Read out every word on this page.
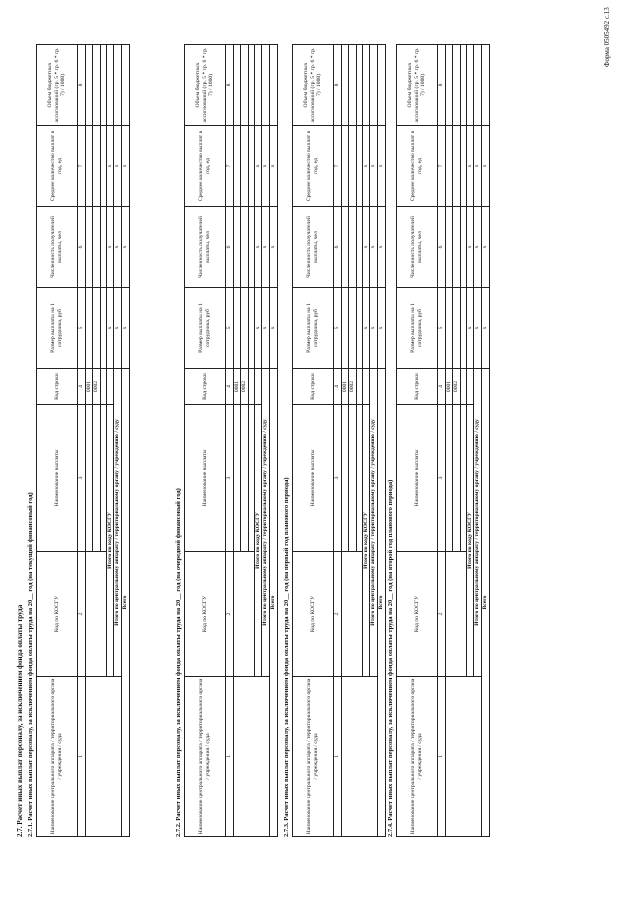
Форма 0505492 с.13
2.7. Расчет иных выплат персоналу, за исключением фонда оплаты труда 2.7.1. Расчет иных выплат персоналу, за исключением фонда оплаты труда на 20__ год (на текущий финансовый год)	Наименование центрального аппарата / территориального органа / учреждения / суда	Код по КОСГУ	Наименование выплаты	Код строки	Размер выплаты на 1 сотрудника, руб	Численность получателей выплаты, чел	Среднее количество выплат в год, ед	Объем бюджетных ассигнований (гр. 5 * гр. 6 * гр. 7) / 1000)
1	2	3	4	5	6	7	8
			0001				
			0002				

	Итого по коду КОСГУ			x	x	x	
	Итого по центральному аппарату / территориальному органу / учреждению / суду			x	x	x	
Всего				x	x	x	
2.7.2. Расчет иных выплат персоналу, за исключением фонда оплаты труда на 20__ год (на очередной финансовый год)	Наименование центрального аппарата / территориального органа / учреждения / суда	Код по КОСГУ	Наименование выплаты	Код строки	Размер выплаты на 1 сотрудника, руб	Численность получателей выплаты, чел	Среднее количество выплат в год, ед	Объем бюджетных ассигнований (гр. 5 * гр. 6 * гр. 7) / 1000)
1	2	3	4	5	6	7	8
			0001				
			0002				

	Итого по коду КОСГУ			x	x	x	
	Итого по центральному аппарату / территориальному органу / учреждению / суду			x	x	x	
Всего				x	x	x	
2.7.3. Расчет иных выплат персоналу, за исключением фонда оплаты труда на 20__ год (на первый год планового периода)	Наименование центрального аппарата / территориального органа / учреждения / суда	Код по КОСГУ	Наименование выплаты	Код строки	Размер выплаты на 1 сотрудника, руб	Численность получателей выплаты, чел	Среднее количество выплат в год, ед	Объем бюджетных ассигнований (гр. 5 * гр. 6 * гр. 7) / 1000)
1	2	3	4	5	6	7	8
			0001				
			0002				

	Итого по коду КОСГУ			x	x	x	
	Итого по центральному аппарату / территориальному органу / учреждению / суду			x	x	x	
Всего				x	x	x	
2.7.4. Расчет иных выплат персоналу, за исключением фонда оплаты труда на 20__ год (на второй год планового периода)	Наименование центрального аппарата / территориального органа / учреждения / суда	Код по КОСГУ	Наименование выплаты	Код строки	Размер выплаты на 1 сотрудника, руб	Численность получателей выплаты, чел	Среднее количество выплат в год, ед	Объем бюджетных ассигнований (гр. 5 * гр. 6 * гр. 7) / 1000)
1	2	3	4	5	6	7	8
			0001				
			0002				

	Итого по коду КОСГУ			x	x	x	
	Итого по центральному аппарату / территориальному органу / учреждению / суду			x	x	x	
Всего				x	x	x	
